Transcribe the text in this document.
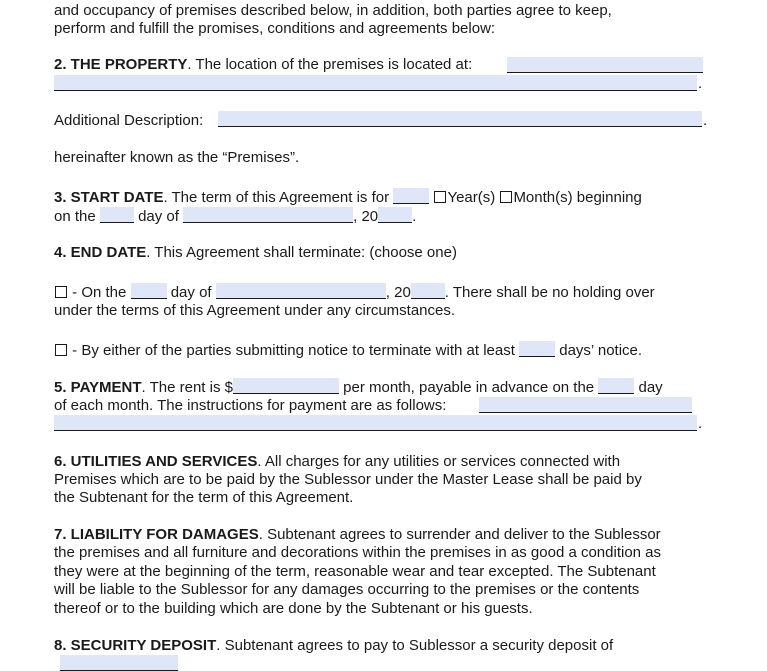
and occupancy of premises described below, in addition, both parties agree to keep,
perform and fulfill the promises, conditions and agreements below:
2. THE PROPERTY. The location of the premises is located at:
.
Additional Description:	.
hereinafter known as the “Premises”.
3. START DATE. The term of this Agreement is for	Year(s) Month(s) beginning
on the	day of	, 20 .
4. END DATE. This Agreement shall terminate: (choose one)
- On the	day of	, 20 . There shall be no holding over
under the terms of this Agreement under any circumstances.
- By either of the parties submitting notice to terminate with at least	days’ notice.
5. PAYMENT. The rent is $	per month, payable in advance on the	day
of each month. The instructions for payment are as follows:
.
6. UTILITIES AND SERVICES. All charges for any utilities or services connected with
Premises which are to be paid by the Sublessor under the Master Lease shall be paid by
the Subtenant for the term of this Agreement.
7. LIABILITY FOR DAMAGES. Subtenant agrees to surrender and deliver to the Sublessor
the premises and all furniture and decorations within the premises in as good a condition as
they were at the beginning of the term, reasonable wear and tear excepted. The Subtenant
will be liable to the Sublessor for any damages occurring to the premises or the contents
thereof or to the building which are done by the Subtenant or his guests.
8. SECURITY DEPOSIT. Subtenant agrees to pay to Sublessor a security deposit of
